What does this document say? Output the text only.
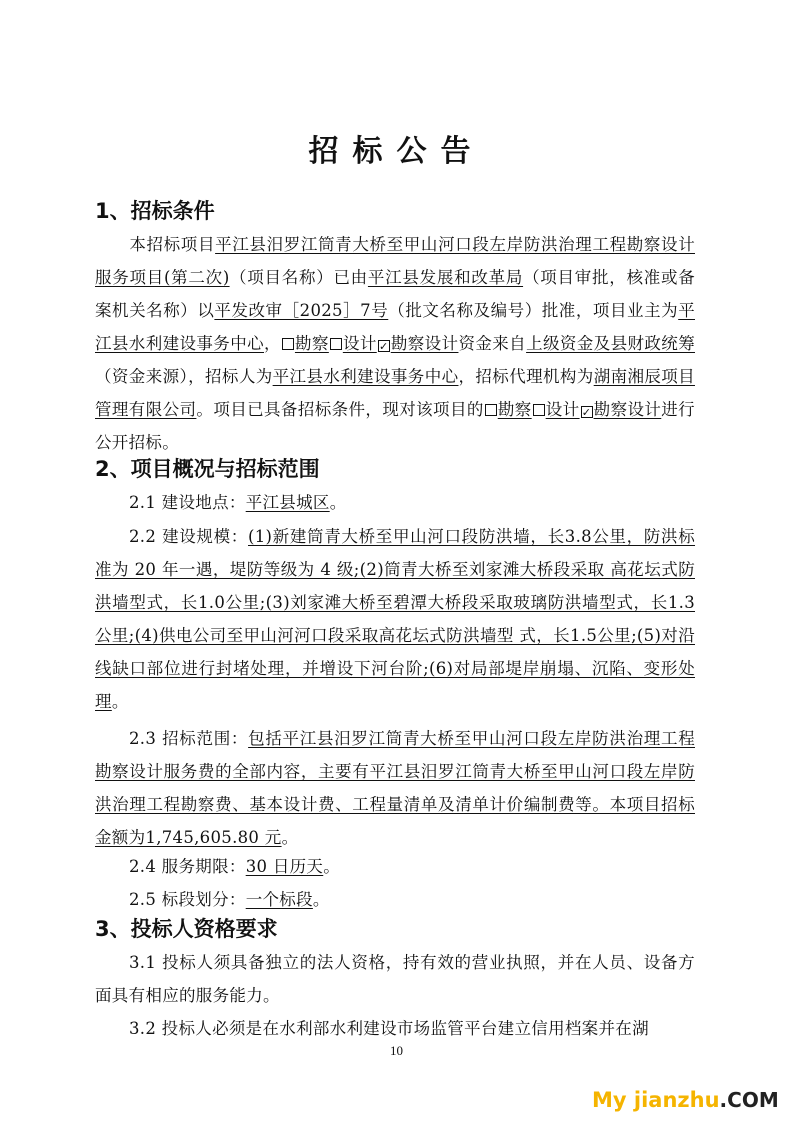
招标公告
1、招标条件
本招标项目平江县汨罗江筒青大桥至甲山河口段左岸防洪治理工程勘察设计服务项目(第二次)（项目名称）已由平江县发展和改革局（项目审批，核准或备案机关名称）以平发改审［2025］7号（批文名称及编号）批准，项目业主为平江县水利建设事务中心， 勘察 设计 ✓ 勘察设计资金来自上级资金及县财政统筹（资金来源），招标人为平江县水利建设事务中心，招标代理机构为湖南湘辰项目管理有限公司。项目已具备招标条件，现对该项目的 勘察 设计 ✓ 勘察设计进行公开招标。
2、项目概况与招标范围
2.1 建设地点：平江县城区。
2.2 建设规模：(1)新建筒青大桥至甲山河口段防洪墙，长3.8公里，防洪标准为 20 年一遇，堤防等级为 4 级;(2)筒青大桥至刘家滩大桥段采取 高花坛式防洪墙型式，长1.0公里;(3)刘家滩大桥至碧潭大桥段采取玻璃防洪墙型式，长1.3公里;(4)供电公司至甲山河河口段采取高花坛式防洪墙型 式，长1.5公里;(5)对沿线缺口部位进行封堵处理，并增设下河台阶;(6)对局部堤岸崩塌、沉陷、变形处理。
2.3 招标范围：包括平江县汨罗江筒青大桥至甲山河口段左岸防洪治理工程勘察设计服务费的全部内容，主要有平江县汨罗江筒青大桥至甲山河口段左岸防洪治理工程勘察费、基本设计费、工程量清单及清单计价编制费等。本项目招标金额为1,745,605.80 元。
2.4 服务期限：30 日历天。
2.5 标段划分：一个标段。
3、投标人资格要求
3.1 投标人须具备独立的法人资格，持有效的营业执照，并在人员、设备方面具有相应的服务能力。
3.2 投标人必须是在水利部水利建设市场监管平台建立信用档案并在湖
10
My jianzhu.COM
